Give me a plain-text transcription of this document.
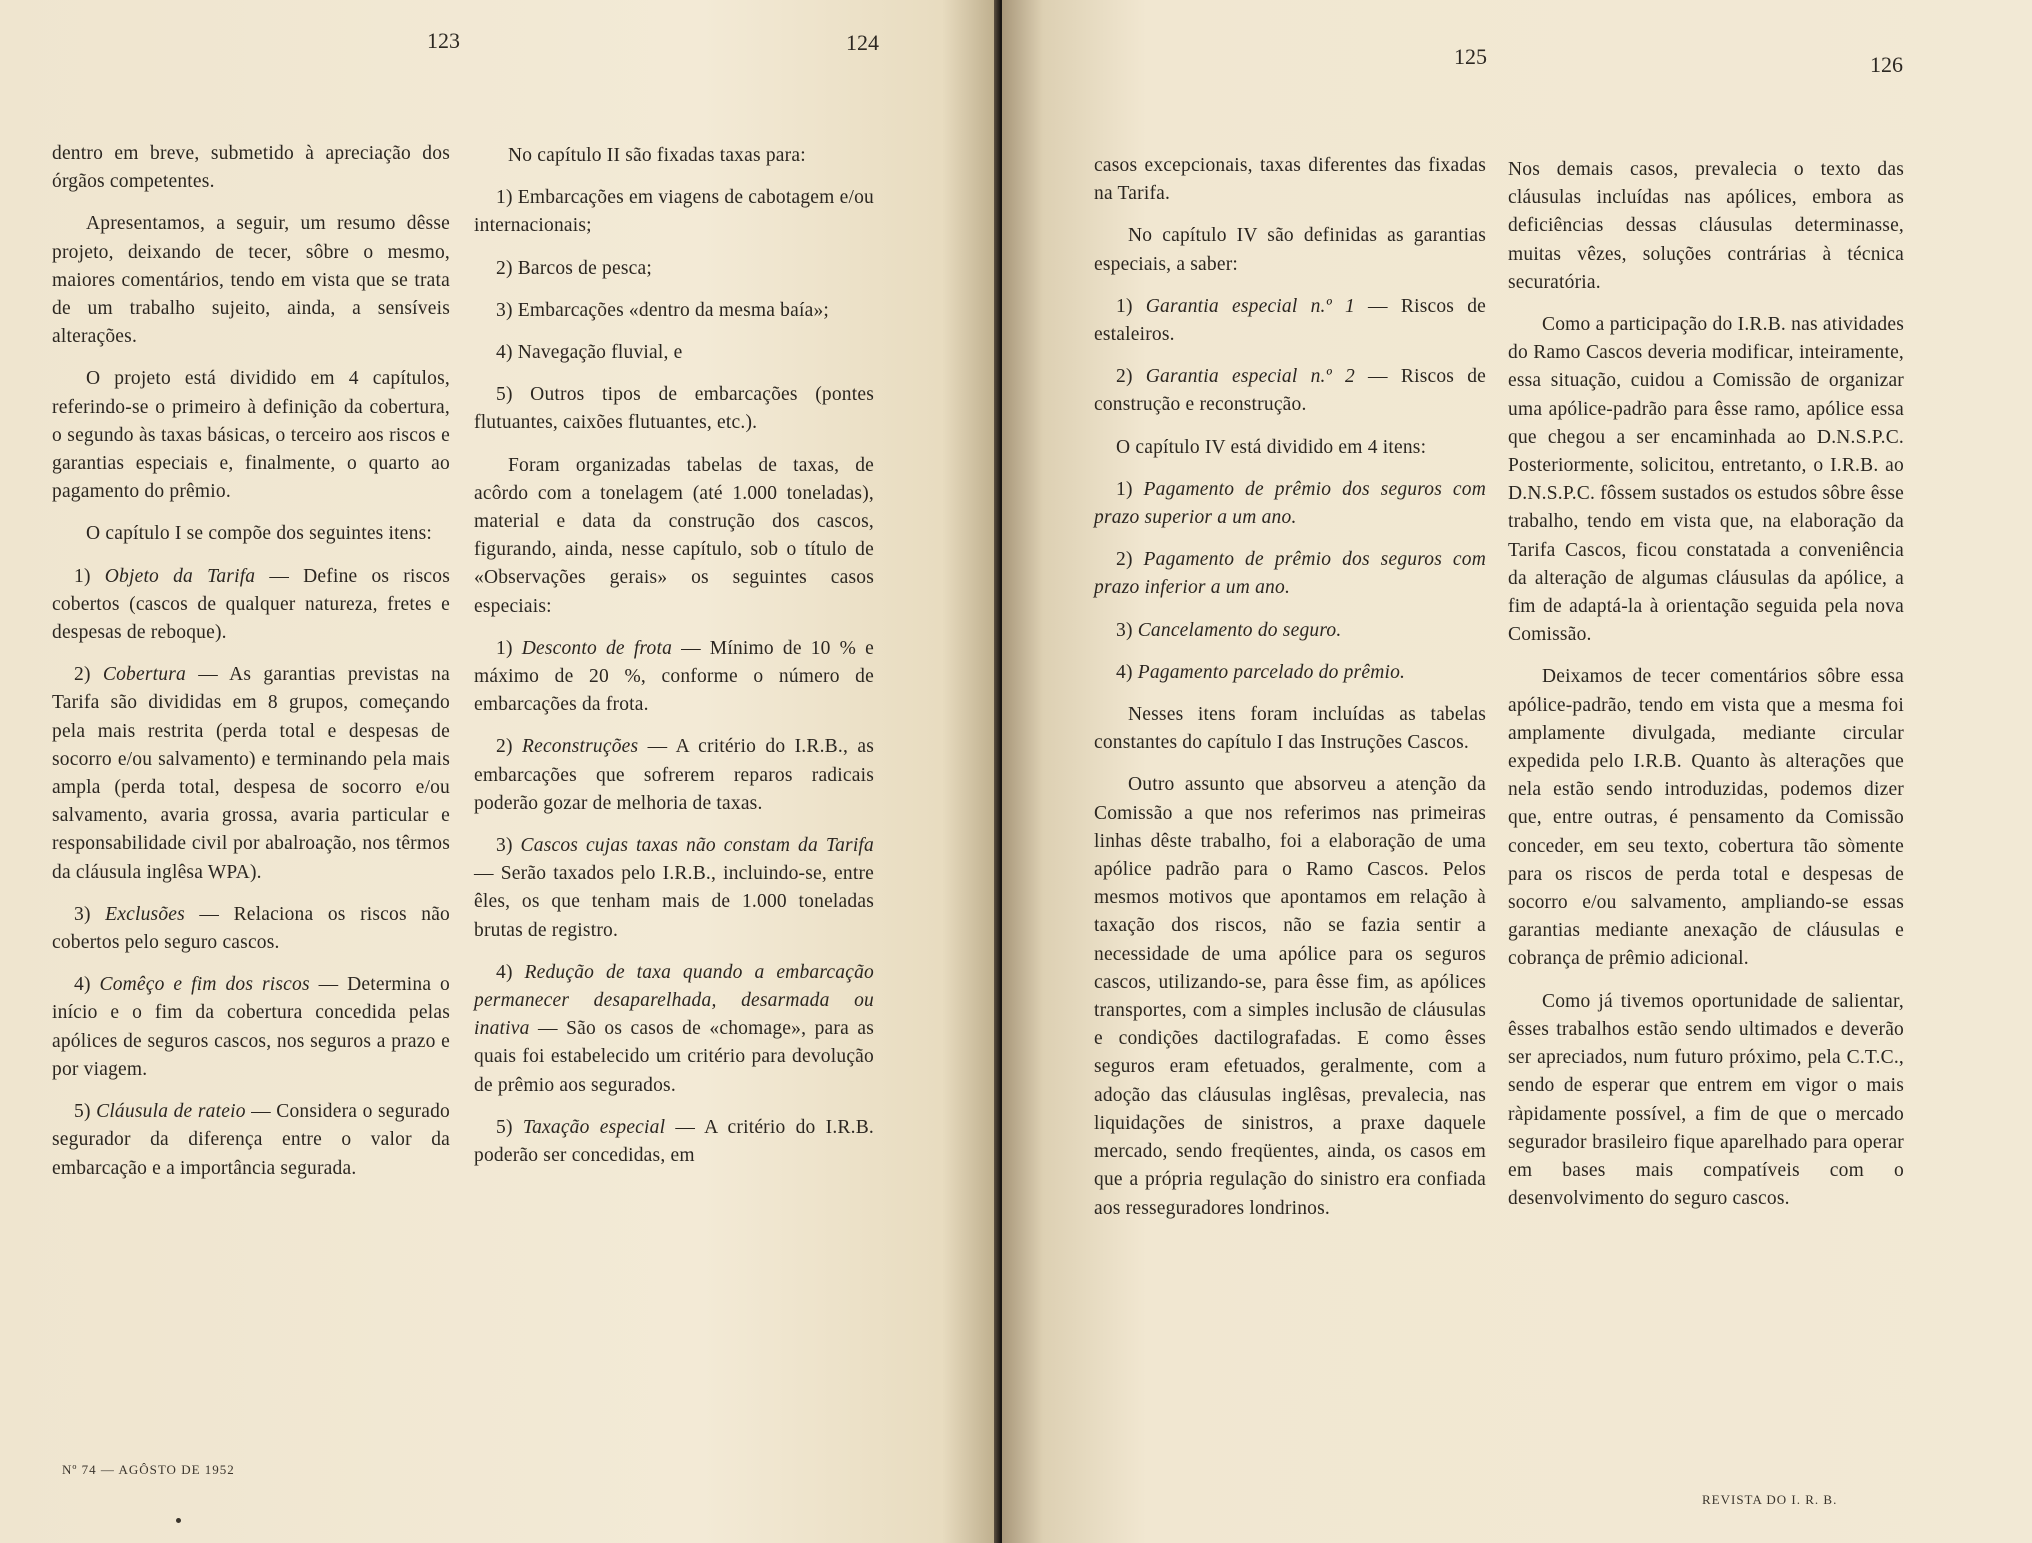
123	124

dentro em breve, submetido à apreciação dos órgãos competentes.

Apresentamos, a seguir, um resumo dêsse projeto, deixando de tecer, sôbre o mesmo, maiores comentários, tendo em vista que se trata de um trabalho sujeito, ainda, a sensíveis alterações.

O projeto está dividido em 4 capítulos, referindo-se o primeiro à definição da cobertura, o segundo às taxas básicas, o terceiro aos riscos e garantias especiais e, finalmente, o quarto ao pagamento do prêmio.

O capítulo I se compõe dos seguintes itens:

1) Objeto da Tarifa — Define os riscos cobertos (cascos de qualquer natureza, fretes e despesas de reboque).

2) Cobertura — As garantias previstas na Tarifa são divididas em 8 grupos, começando pela mais restrita (perda total e despesas de socorro e/ou salvamento) e terminando pela mais ampla (perda total, despesa de socorro e/ou salvamento, avaria grossa, avaria particular e responsabilidade civil por abalroação, nos têrmos da cláusula inglêsa WPA).

3) Exclusões — Relaciona os riscos não cobertos pelo seguro cascos.

4) Comêço e fim dos riscos — Determina o início e o fim da cobertura concedida pelas apólices de seguros cascos, nos seguros a prazo e por viagem.

5) Cláusula de rateio — Considera o segurado segurador da diferença entre o valor da embarcação e a importância segurada.

No capítulo II são fixadas taxas para:

1) Embarcações em viagens de cabotagem e/ou internacionais;

2) Barcos de pesca;

3) Embarcações «dentro da mesma baía»;

4) Navegação fluvial, e

5) Outros tipos de embarcações (pontes flutuantes, caixões flutuantes, etc.).

Foram organizadas tabelas de taxas, de acôrdo com a tonelagem (até 1.000 toneladas), material e data da construção dos cascos, figurando, ainda, nesse capítulo, sob o título de «Observações gerais» os seguintes casos especiais:

1) Desconto de frota — Mínimo de 10 % e máximo de 20 %, conforme o número de embarcações da frota.

2) Reconstruções — A critério do I.R.B., as embarcações que sofrerem reparos radicais poderão gozar de melhoria de taxas.

3) Cascos cujas taxas não constam da Tarifa — Serão taxados pelo I.R.B., incluindo-se, entre êles, os que tenham mais de 1.000 toneladas brutas de registro.

4) Redução de taxa quando a embarcação permanecer desaparelhada, desarmada ou inativa — São os casos de «chomage», para as quais foi estabelecido um critério para devolução de prêmio aos segurados.

5) Taxação especial — A critério do I.R.B. poderão ser concedidas, em

Nº 74 — AGÔSTO DE 1952
125	126

casos excepcionais, taxas diferentes das fixadas na Tarifa.

No capítulo IV são definidas as garantias especiais, a saber:

1) Garantia especial n.º 1 — Riscos de estaleiros.

2) Garantia especial n.º 2 — Riscos de construção e reconstrução.

O capítulo IV está dividido em 4 itens:

1) Pagamento de prêmio dos seguros com prazo superior a um ano.

2) Pagamento de prêmio dos seguros com prazo inferior a um ano.

3) Cancelamento do seguro.

4) Pagamento parcelado do prêmio.

Nesses itens foram incluídas as tabelas constantes do capítulo I das Instruções Cascos.

Outro assunto que absorveu a atenção da Comissão a que nos referimos nas primeiras linhas dêste trabalho, foi a elaboração de uma apólice padrão para o Ramo Cascos. Pelos mesmos motivos que apontamos em relação à taxação dos riscos, não se fazia sentir a necessidade de uma apólice para os seguros cascos, utilizando-se, para êsse fim, as apólices transportes, com a simples inclusão de cláusulas e condições dactilografadas. E como êsses seguros eram efetuados, geralmente, com a adoção das cláusulas inglêsas, prevalecia, nas liquidações de sinistros, a praxe daquele mercado, sendo freqüentes, ainda, os casos em que a própria regulação do sinistro era confiada aos resseguradores londrinos.

Nos demais casos, prevalecia o texto das cláusulas incluídas nas apólices, embora as deficiências dessas cláusulas determinasse, muitas vêzes, soluções contrárias à técnica securatória.

Como a participação do I.R.B. nas atividades do Ramo Cascos deveria modificar, inteiramente, essa situação, cuidou a Comissão de organizar uma apólice-padrão para êsse ramo, apólice essa que chegou a ser encaminhada ao D.N.S.P.C. Posteriormente, solicitou, entretanto, o I.R.B. ao D.N.S.P.C. fôssem sustados os estudos sôbre êsse trabalho, tendo em vista que, na elaboração da Tarifa Cascos, ficou constatada a conveniência da alteração de algumas cláusulas da apólice, a fim de adaptá-la à orientação seguida pela nova Comissão.

Deixamos de tecer comentários sôbre essa apólice-padrão, tendo em vista que a mesma foi amplamente divulgada, mediante circular expedida pelo I.R.B. Quanto às alterações que nela estão sendo introduzidas, podemos dizer que, entre outras, é pensamento da Comissão conceder, em seu texto, cobertura tão sòmente para os riscos de perda total e despesas de socorro e/ou salvamento, ampliando-se essas garantias mediante anexação de cláusulas e cobrança de prêmio adicional.

Como já tivemos oportunidade de salientar, êsses trabalhos estão sendo ultimados e deverão ser apreciados, num futuro próximo, pela C.T.C., sendo de esperar que entrem em vigor o mais ràpidamente possível, a fim de que o mercado segurador brasileiro fique aparelhado para operar em bases mais compatíveis com o desenvolvimento do seguro cascos.

REVISTA DO I. R. B.
